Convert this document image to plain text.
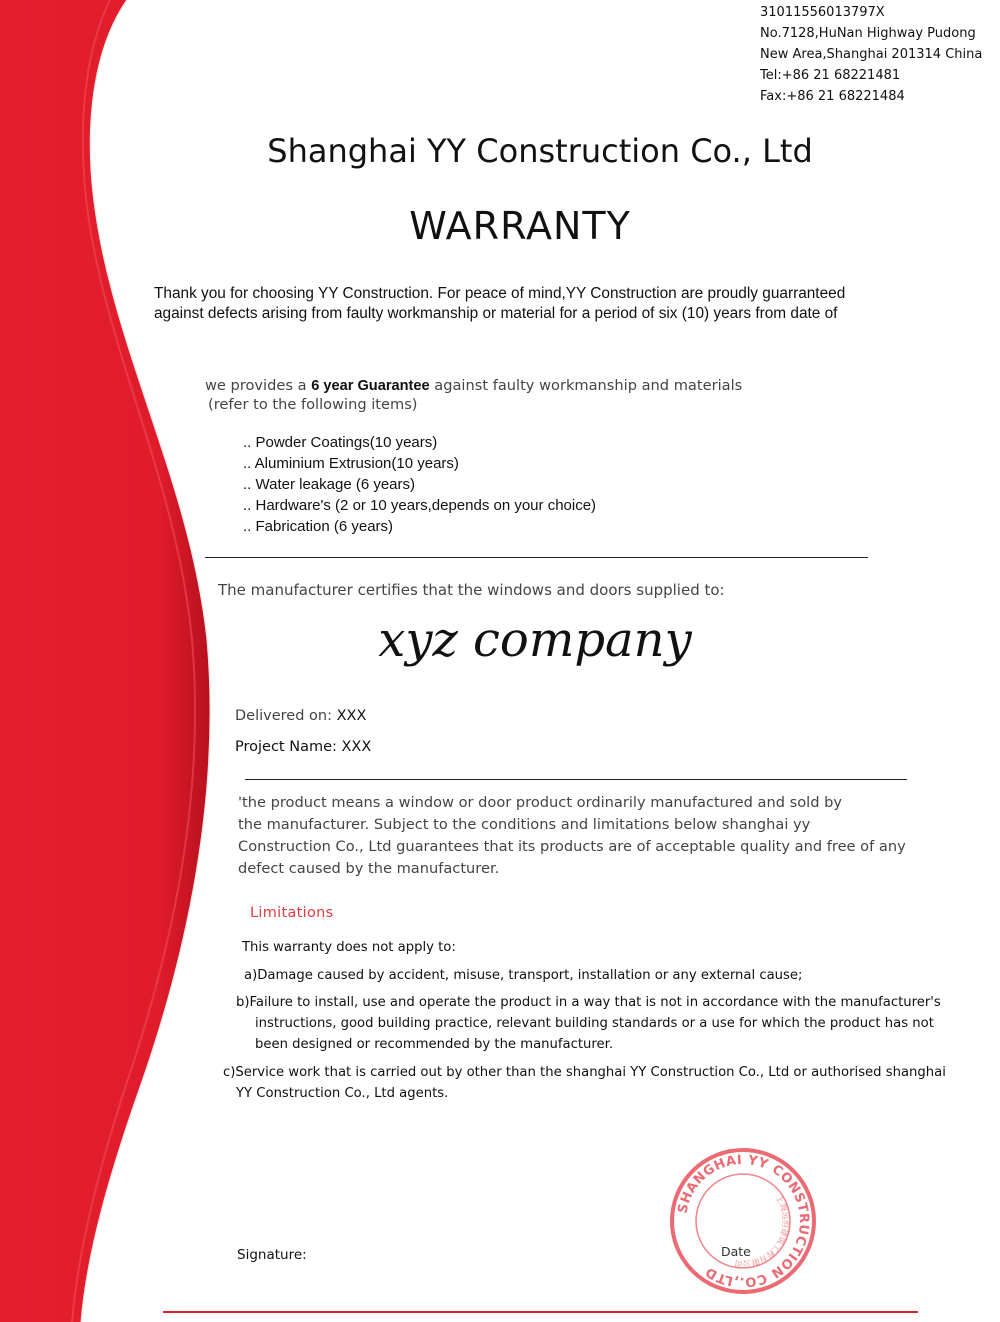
31011556013797X
No.7128,HuNan Highway Pudong
New Area,Shanghai 201314 China
Tel:+86 21 68221481
Fax:+86 21 68221484
Shanghai YY Construction Co., Ltd
WARRANTY
Thank you for choosing YY Construction. For peace of mind,YY Construction are proudly guarranteed
against defects arising from faulty workmanship or material for a period of six (10) years from date of
we provides a 6 year Guarantee against faulty workmanship and materials
(refer to the following items)
.. Powder Coatings(10 years)
.. Aluminium Extrusion(10 years)
.. Water leakage (6 years)
.. Hardware's (2 or 10 years,depends on your choice)
.. Fabrication (6 years)
The manufacturer certifies that the windows and doors supplied to:
xyz company
Delivered on: XXX
Project Name: XXX
'the product means a window or door product ordinarily manufactured and sold by
the manufacturer. Subject to the conditions and limitations below shanghai yy
Construction Co., Ltd guarantees that its products are of acceptable quality and free of any
defect caused by the manufacturer.
Limitations
This warranty does not apply to:
a)Damage caused by accident, misuse, transport, installation or any external cause;
b)Failure to install, use and operate the product in a way that is not in accordance with the manufacturer's
instructions, good building practice, relevant building standards or a use for which the product has not
been designed or recommended by the manufacturer.
c)Service work that is carried out by other than the shanghai YY Construction Co., Ltd or authorised shanghai
YY Construction Co., Ltd agents.
Signature:
SHANGHAI YY CONSTRUCTION CO.,LTD
上海远恒建筑工程有限公司
Date
